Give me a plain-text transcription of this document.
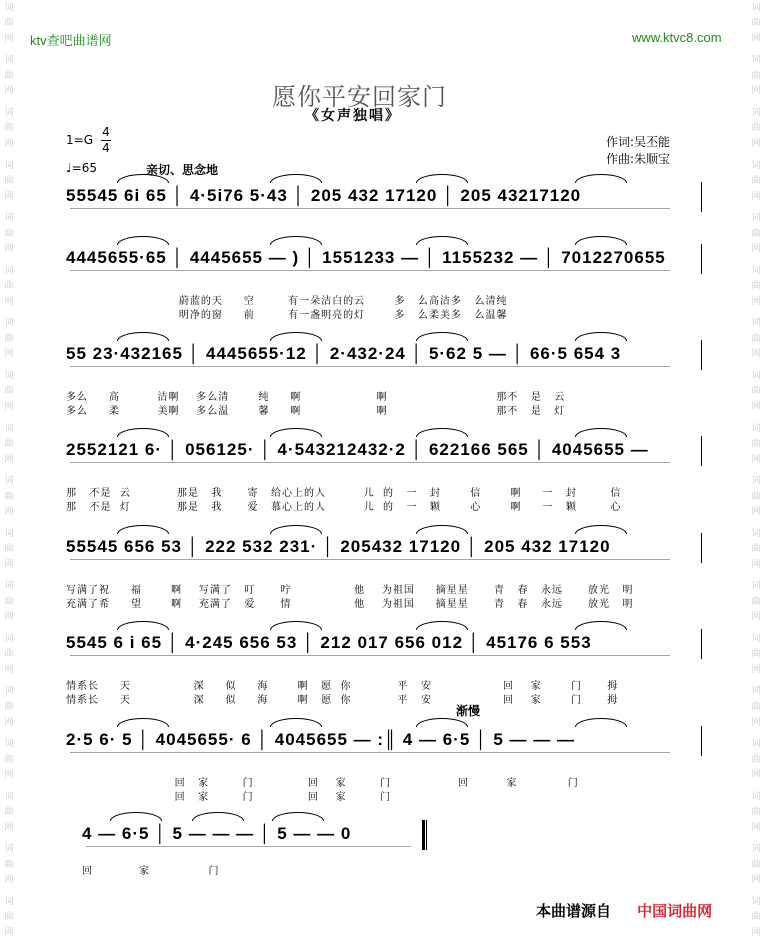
词
曲
网
词
曲
网
词
曲
网
词
曲
网
词
曲
网
词
曲
网
词
曲
网
词
曲
网
词
曲
网
词
曲
网
词
曲
网
词
曲
网
词
曲
网
词
曲
网
词
曲
网
词
曲
网
词
曲
网
词
曲
网
词
曲
网
词
曲
网
词
曲
网
词
曲
网
词
曲
网
词
曲
网
词
曲
网
词
曲
网
词
曲
网
词
曲
网
词
曲
网
词
曲
网
词
曲
网
词
曲
网
词
曲
网
词
曲
网
词
曲
网
词
曲
网
ktv查吧曲谱网	www.ktvc8.com
愿你平安回家门
《女声独唱》
1=G
4
4
♩=65	亲切、思念地
作词:吴丕能
作曲:朱顺宝
55545 6i 65 │ 4·5i76 5·43 │ 205 432 17120 │ 205 43217120
4445655·65 │ 4445655 — ) │ 1551233 — │ 1155232 — │ 7012270655
蔚蓝的天     空        有一朵洁白的云       多   么高洁多   么清纯
明净的窗     前        有一盏明亮的灯       多   么柔美多   么温馨
55 23·432165 │ 4445655·12 │ 2·432·24 │ 5·62 5 — │ 66·5 654 3
多么     高         洁啊    多么清       纯     啊                  啊                          那不   是   云
多么     柔         美啊    多么温       馨     啊                  啊                          那不   是   灯
2552121 6· │ 056125· │ 4·543212432·2 │ 622166 565 │ 4045655 —
那   不是  云           那是   我      寄   给心上的人         儿  的   一   封       信       啊     一   封        信
那   不是  灯           那是   我      爱   慕心上的人         儿  的   一   颗       心       啊     一   颗        心
55545 656 53 │ 222 532 231· │ 205432 17120 │ 205 432 17120
写满了祝     福       啊    写满了   叮      咛               他    为祖国     摘星星      青   春   永远      放光   明
充满了希     望       啊    充满了   爱      情               他    为祖国     摘星星      青   春   永远      放光   明
5545 6 i 65 │ 4·245 656 53 │ 212 017 656 012 │ 45176 6 553
情系长     天               深     似     海       啊   愿  你           平   安                 回    家       门      拇
情系长     天               深     似     海       啊   愿  你           平   安                 回    家       门      拇
2·5 6· 5 │ 4045655· 6 │ 4045655 — :║ 4 — 6·5 │ 5 — — —
渐慢
回   家        门             回    家        门                回         家            门
回   家        门             回    家        门
4 — 6·5 │ 5 — — — │ 5 — — 0
回           家              门
本曲谱源自 中国词曲网
